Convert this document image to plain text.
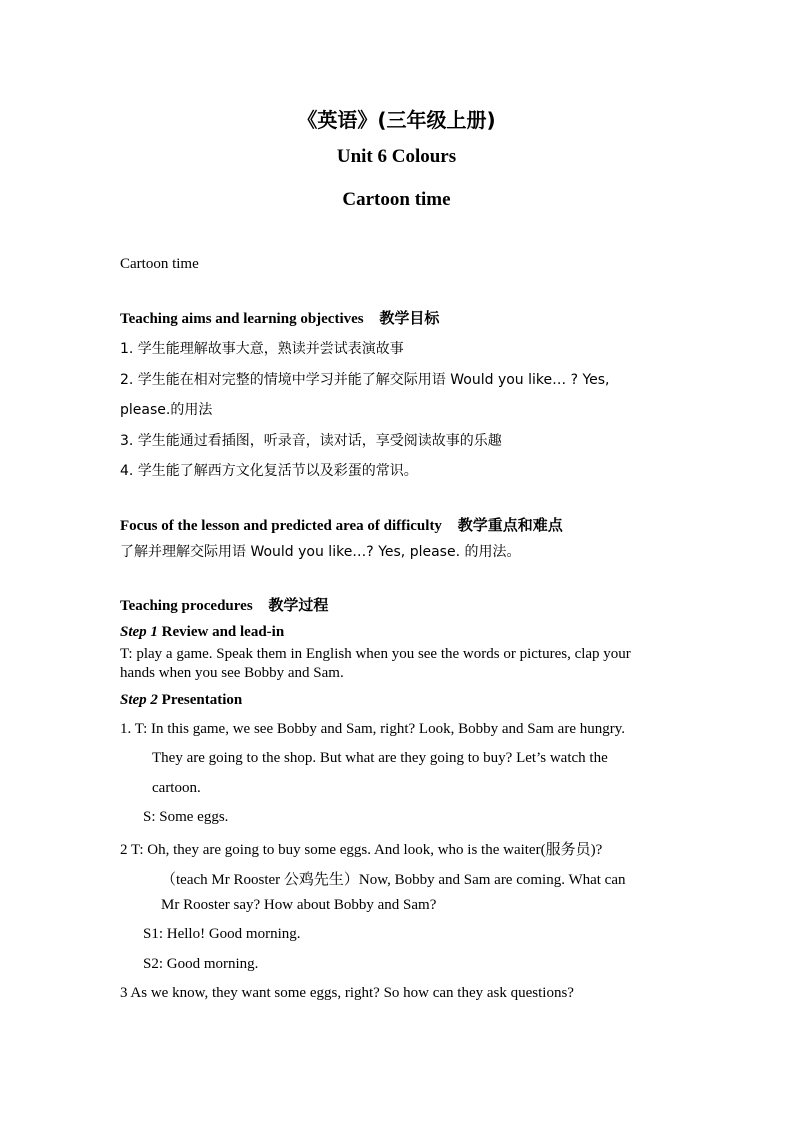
《英语》(三年级上册)
Unit 6 Colours
Cartoon time
Cartoon time
Teaching aims and learning objectives 教学目标
1. 学生能理解故事大意，熟读并尝试表演故事
2. 学生能在相对完整的情境中学习并能了解交际用语 Would you like… ? Yes,
please.的用法
3. 学生能通过看插图，听录音，读对话，享受阅读故事的乐趣
4. 学生能了解西方文化复活节以及彩蛋的常识。
Focus of the lesson and predicted area of difficulty 教学重点和难点
了解并理解交际用语 Would you like…? Yes, please. 的用法。
Teaching procedures 教学过程
Step 1 Review and lead-in
T: play a game. Speak them in English when you see the words or pictures, clap your
hands when you see Bobby and Sam.
Step 2 Presentation
1. T: In this game, we see Bobby and Sam, right? Look, Bobby and Sam are hungry.
They are going to the shop. But what are they going to buy? Let’s watch the
cartoon.
S: Some eggs.
2 T: Oh, they are going to buy some eggs. And look, who is the waiter(服务员)?
（teach Mr Rooster 公鸡先生）Now, Bobby and Sam are coming. What can
Mr Rooster say? How about Bobby and Sam?
S1: Hello! Good morning.
S2: Good morning.
3 As we know, they want some eggs, right? So how can they ask questions?
